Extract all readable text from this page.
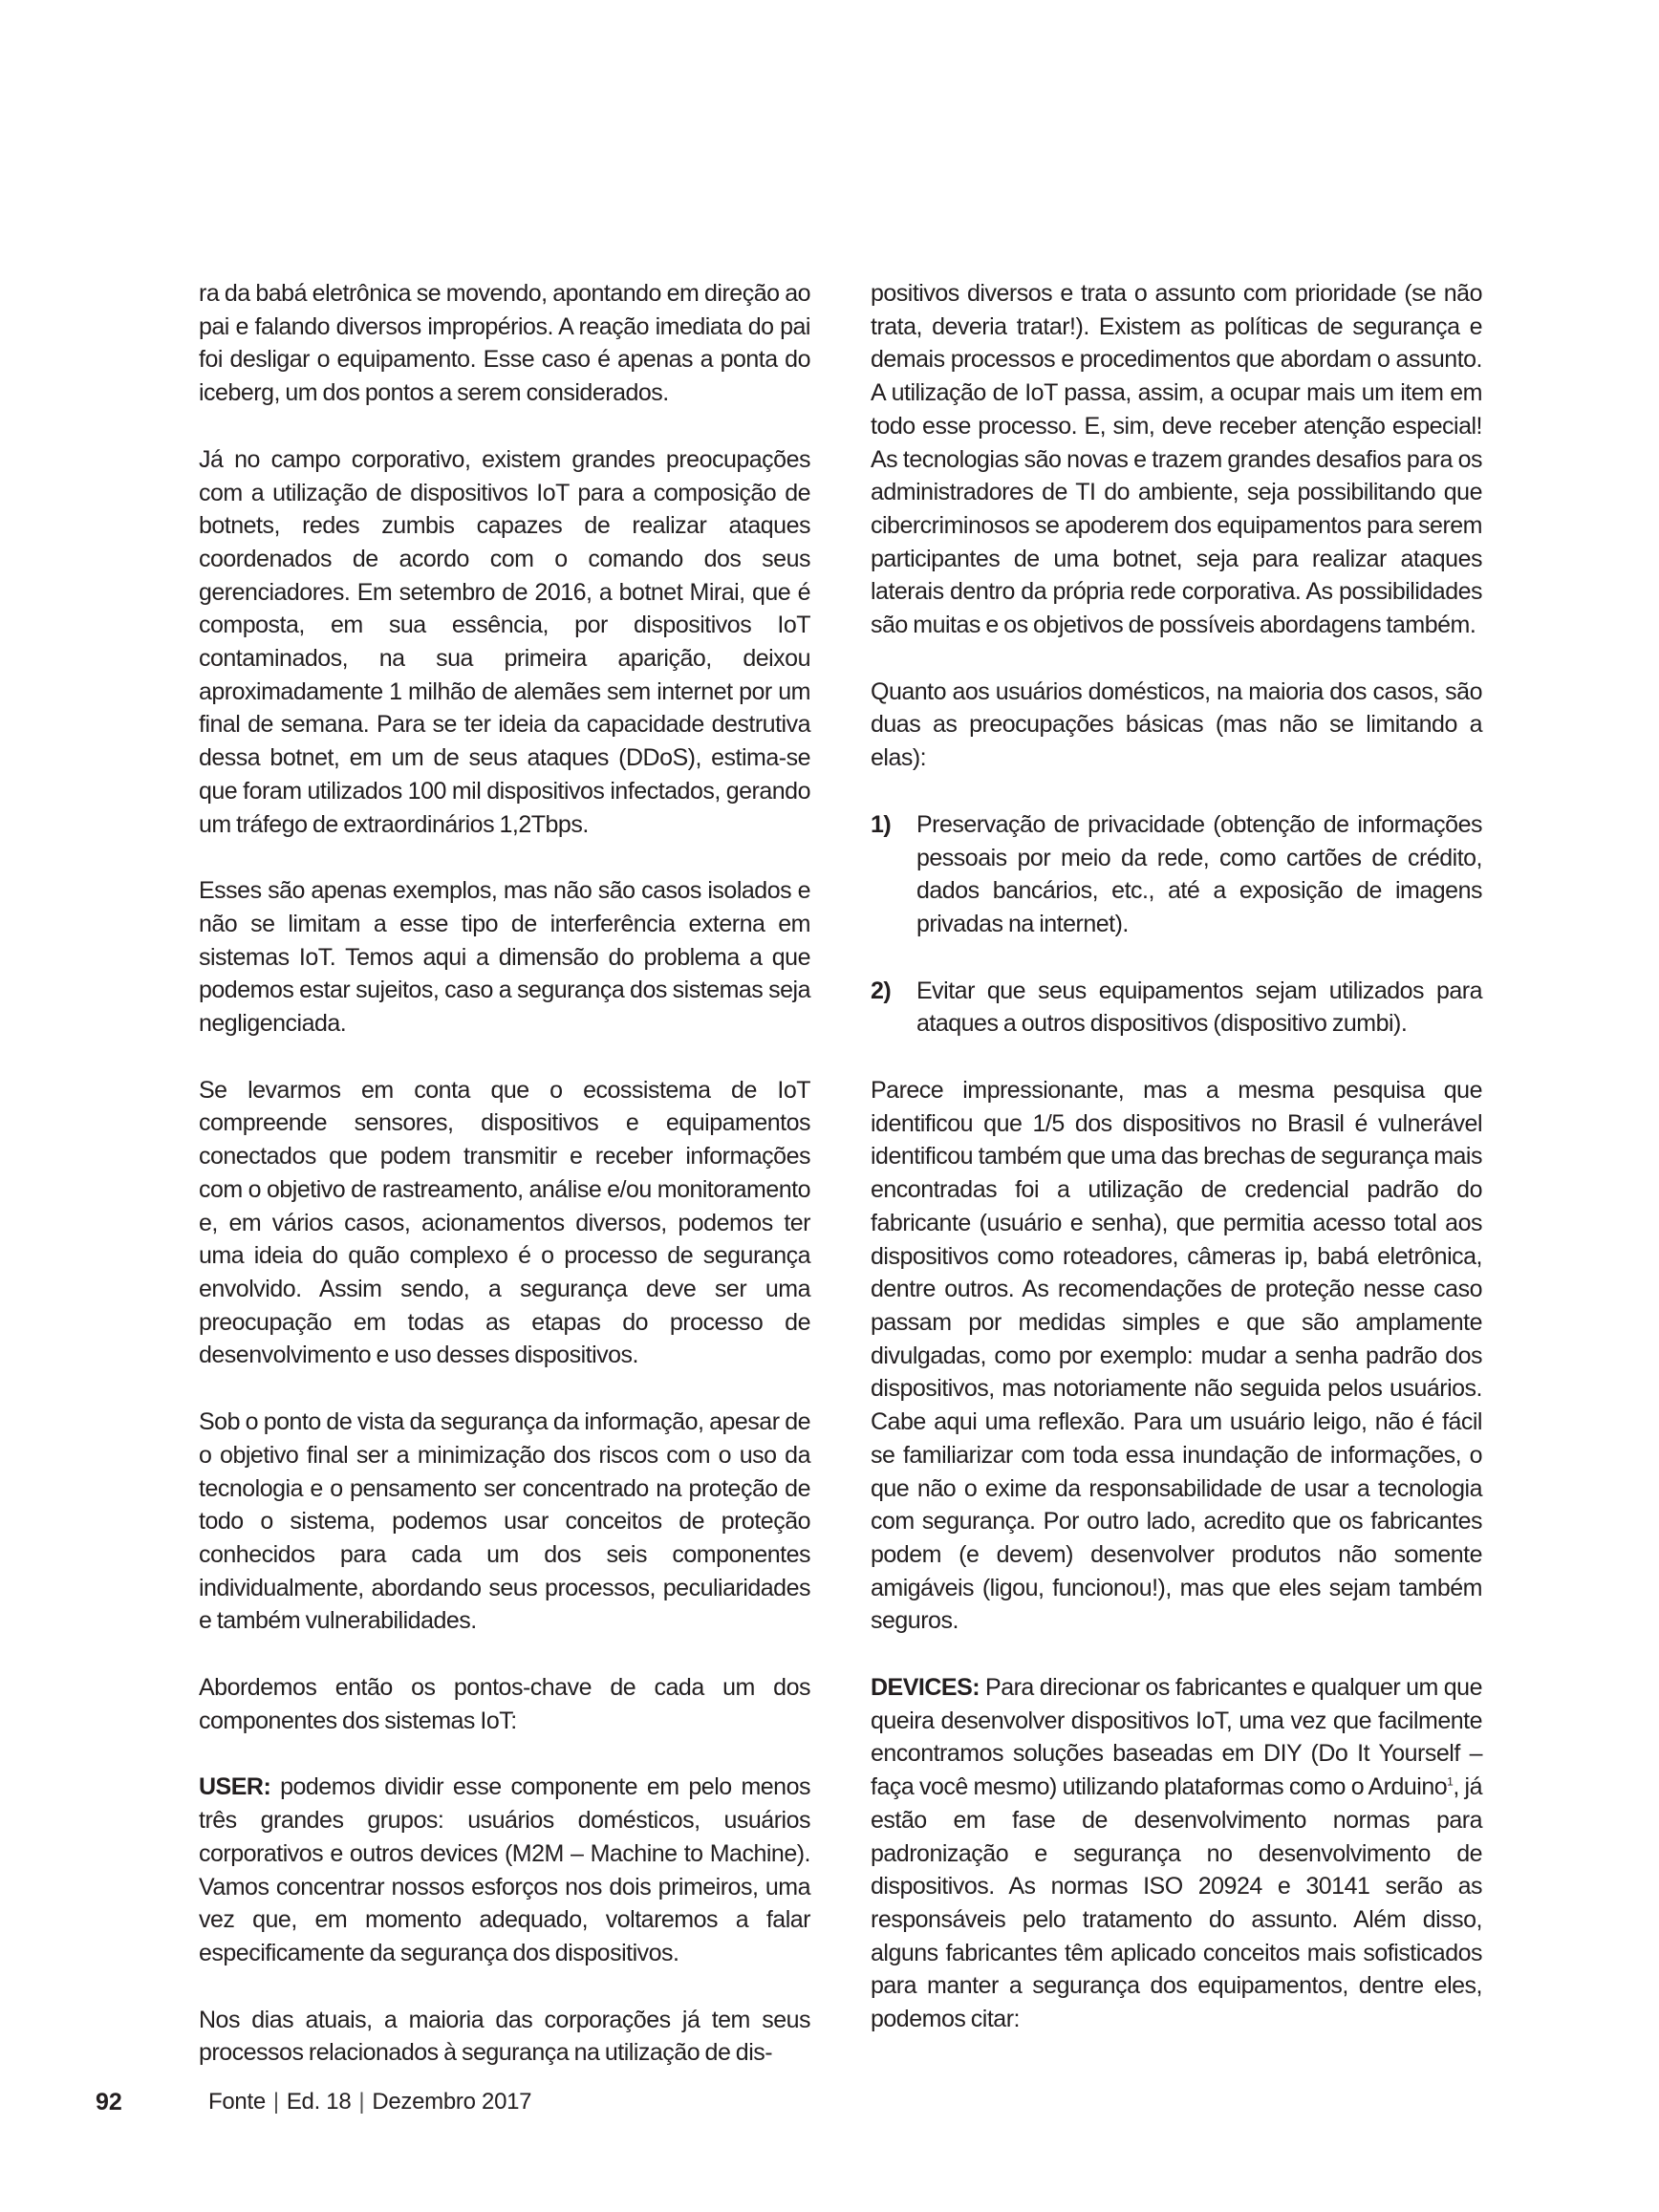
ra da babá eletrônica se movendo, apontando em direção ao pai e falando diversos impropérios. A reação imediata do pai foi desligar o equipamento. Esse caso é apenas a ponta do iceberg, um dos pontos a serem considerados.

Já no campo corporativo, existem grandes preocupações com a utilização de dispositivos IoT para a composição de botnets, redes zumbis capazes de realizar ataques coordenados de acordo com o comando dos seus gerenciadores. Em setembro de 2016, a botnet Mirai, que é composta, em sua essência, por dispositivos IoT contaminados, na sua primeira aparição, deixou aproximadamente 1 milhão de alemães sem internet por um final de semana. Para se ter ideia da capacidade destrutiva dessa botnet, em um de seus ataques (DDoS), estima-se que foram utilizados 100 mil dispositivos infectados, gerando um tráfego de extraordinários 1,2Tbps.

Esses são apenas exemplos, mas não são casos isolados e não se limitam a esse tipo de interferência externa em sistemas IoT. Temos aqui a dimensão do problema a que podemos estar sujeitos, caso a segurança dos sistemas seja negligenciada.

Se levarmos em conta que o ecossistema de IoT compreende sensores, dispositivos e equipamentos conectados que podem transmitir e receber informações com o objetivo de rastreamento, análise e/ou monitoramento e, em vários casos, acionamentos diversos, podemos ter uma ideia do quão complexo é o processo de segurança envolvido. Assim sendo, a segurança deve ser uma preocupação em todas as etapas do processo de desenvolvimento e uso desses dispositivos.

Sob o ponto de vista da segurança da informação, apesar de o objetivo final ser a minimização dos riscos com o uso da tecnologia e o pensamento ser concentrado na proteção de todo o sistema, podemos usar conceitos de proteção conhecidos para cada um dos seis componentes individualmente, abordando seus processos, peculiaridades e também vulnerabilidades.

Abordemos então os pontos-chave de cada um dos componentes dos sistemas IoT:

USER: podemos dividir esse componente em pelo menos três grandes grupos: usuários domésticos, usuários corporativos e outros devices (M2M – Machine to Machine). Vamos concentrar nossos esforços nos dois primeiros, uma vez que, em momento adequado, voltaremos a falar especificamente da segurança dos dispositivos.

Nos dias atuais, a maioria das corporações já tem seus processos relacionados à segurança na utilização de dis-

positivos diversos e trata o assunto com prioridade (se não trata, deveria tratar!). Existem as políticas de segurança e demais processos e procedimentos que abordam o assunto. A utilização de IoT passa, assim, a ocupar mais um item em todo esse processo. E, sim, deve receber atenção especial! As tecnologias são novas e trazem grandes desafios para os administradores de TI do ambiente, seja possibilitando que cibercriminosos se apoderem dos equipamentos para serem participantes de uma botnet, seja para realizar ataques laterais dentro da própria rede corporativa. As possibilidades são muitas e os objetivos de possíveis abordagens também.

Quanto aos usuários domésticos, na maioria dos casos, são duas as preocupações básicas (mas não se limitando a elas):

1)	Preservação de privacidade (obtenção de informações pessoais por meio da rede, como cartões de crédito, dados bancários, etc., até a exposição de imagens privadas na internet).
2)	Evitar que seus equipamentos sejam utilizados para ataques a outros dispositivos (dispositivo zumbi).

Parece impressionante, mas a mesma pesquisa que identificou que 1/5 dos dispositivos no Brasil é vulnerável identificou também que uma das brechas de segurança mais encontradas foi a utilização de credencial padrão do fabricante (usuário e senha), que permitia acesso total aos dispositivos como roteadores, câmeras ip, babá eletrônica, dentre outros. As recomendações de proteção nesse caso passam por medidas simples e que são amplamente divulgadas, como por exemplo: mudar a senha padrão dos dispositivos, mas notoriamente não seguida pelos usuários. Cabe aqui uma reflexão. Para um usuário leigo, não é fácil se familiarizar com toda essa inundação de informações, o que não o exime da responsabilidade de usar a tecnologia com segurança. Por outro lado, acredito que os fabricantes podem (e devem) desenvolver produtos não somente amigáveis (ligou, funcionou!), mas que eles sejam também seguros.

DEVICES: Para direcionar os fabricantes e qualquer um que queira desenvolver dispositivos IoT, uma vez que facilmente encontramos soluções baseadas em DIY (Do It Yourself – faça você mesmo) utilizando plataformas como o Arduino$^1$, já estão em fase de desenvolvimento normas para padronização e segurança no desenvolvimento de dispositivos. As normas ISO 20924 e 30141 serão as responsáveis pelo tratamento do assunto. Além disso, alguns fabricantes têm aplicado conceitos mais sofisticados para manter a segurança dos equipamentos, dentre eles, podemos citar:

92	Fonte | Ed. 18 | Dezembro 2017
